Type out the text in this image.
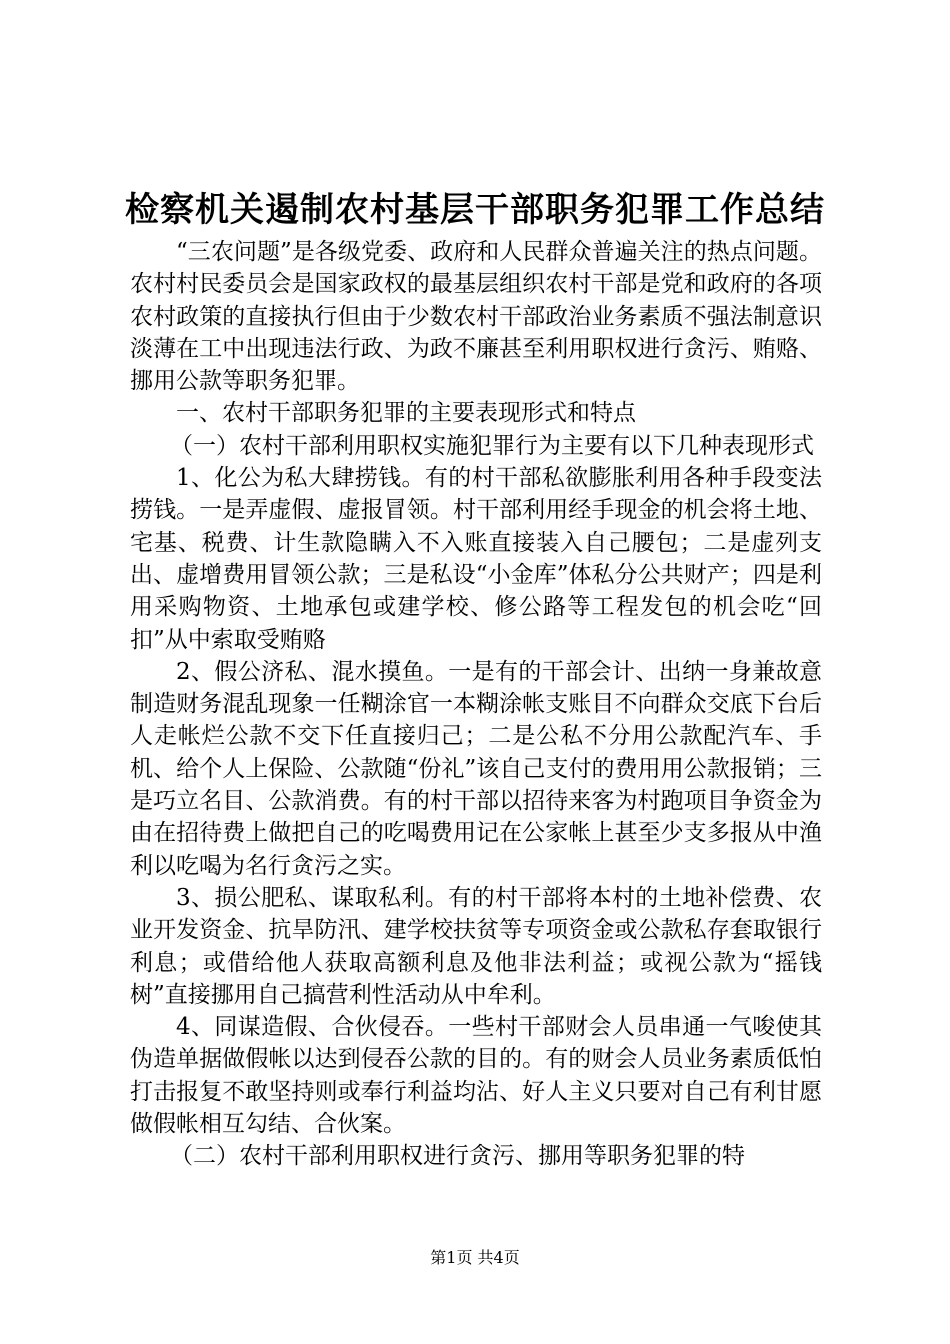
检察机关遏制农村基层干部职务犯罪工作总结

“三农问题”是各级党委、政府和人民群众普遍关注的热点问题。农村村民委员会是国家政权的最基层组织农村干部是党和政府的各项农村政策的直接执行但由于少数农村干部政治业务素质不强法制意识淡薄在工中出现违法行政、为政不廉甚至利用职权进行贪污、贿赂、挪用公款等职务犯罪。

一、农村干部职务犯罪的主要表现形式和特点

（一）农村干部利用职权实施犯罪行为主要有以下几种表现形式

1、化公为私大肆捞钱。有的村干部私欲膨胀利用各种手段变法捞钱。一是弄虚假、虚报冒领。村干部利用经手现金的机会将土地、宅基、税费、计生款隐瞒入不入账直接装入自己腰包；二是虚列支出、虚增费用冒领公款；三是私设“小金库”体私分公共财产；四是利用采购物资、土地承包或建学校、修公路等工程发包的机会吃“回扣”从中索取受贿赂

2、假公济私、混水摸鱼。一是有的干部会计、出纳一身兼故意制造财务混乱现象一任糊涂官一本糊涂帐支账目不向群众交底下台后人走帐烂公款不交下任直接归己；二是公私不分用公款配汽车、手机、给个人上保险、公款随“份礼”该自己支付的费用用公款报销；三是巧立名目、公款消费。有的村干部以招待来客为村跑项目争资金为由在招待费上做把自己的吃喝费用记在公家帐上甚至少支多报从中渔利以吃喝为名行贪污之实。

3、损公肥私、谋取私利。有的村干部将本村的土地补偿费、农业开发资金、抗旱防汛、建学校扶贫等专项资金或公款私存套取银行利息；或借给他人获取高额利息及他非法利益；或视公款为“摇钱树”直接挪用自己搞营利性活动从中牟利。

4、同谋造假、合伙侵吞。一些村干部财会人员串通一气唆使其伪造单据做假帐以达到侵吞公款的目的。有的财会人员业务素质低怕打击报复不敢坚持则或奉行利益均沾、好人主义只要对自己有利甘愿做假帐相互勾结、合伙案。

（二）农村干部利用职权进行贪污、挪用等职务犯罪的特

第1页 共4页
